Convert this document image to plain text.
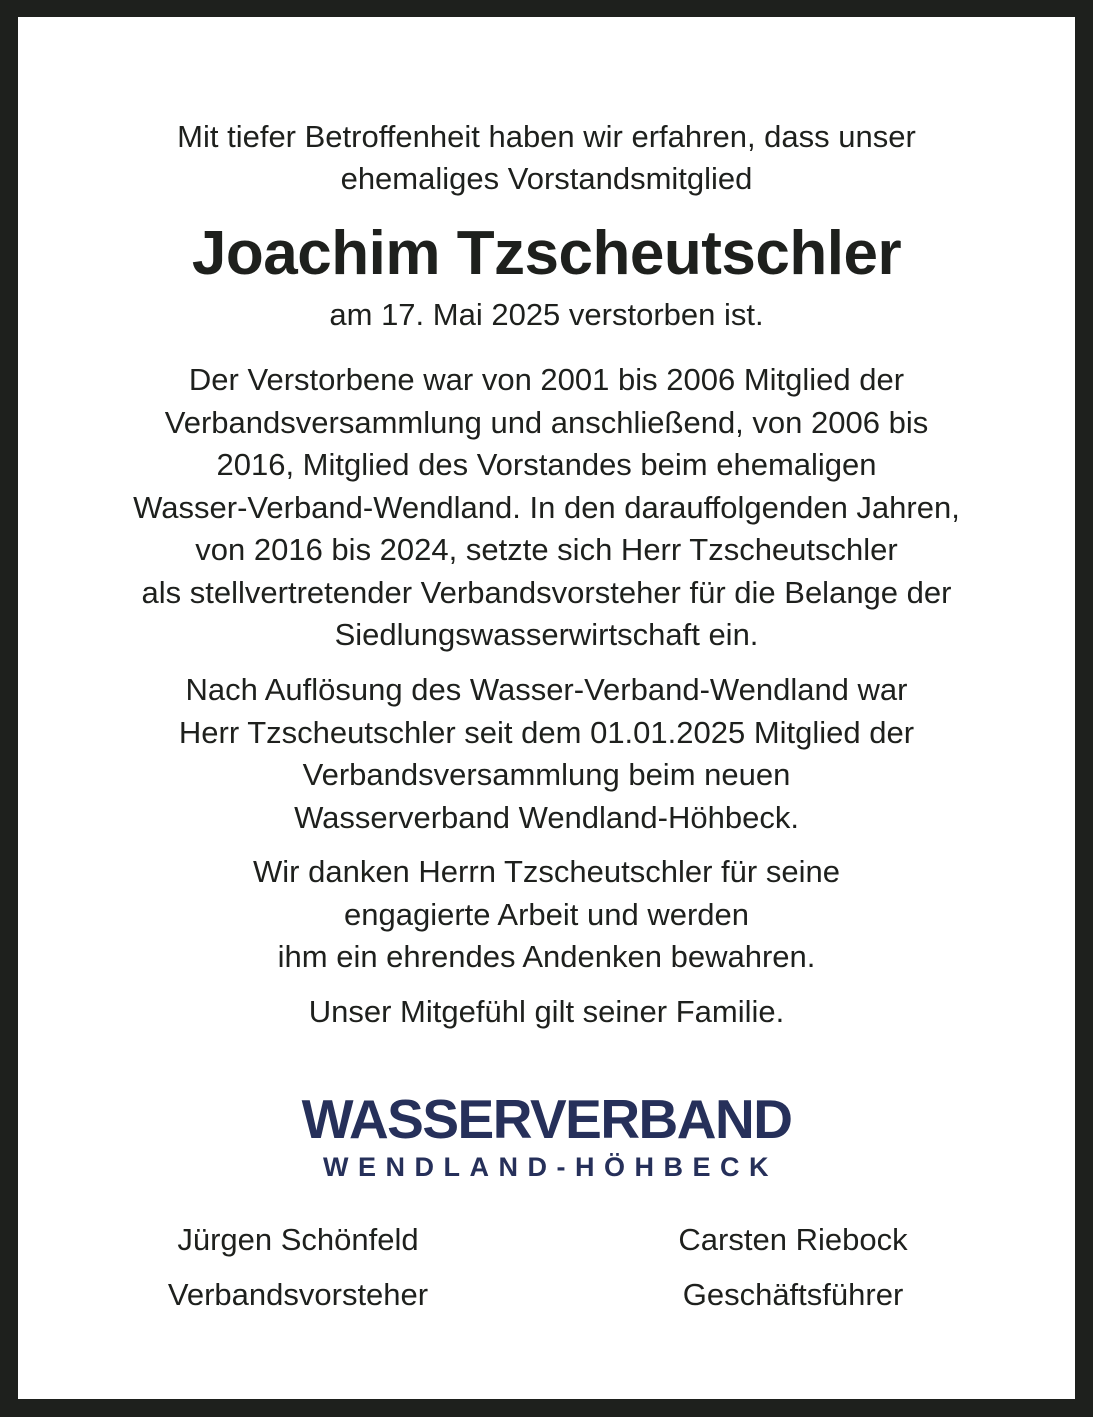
Mit tiefer Betroffenheit haben wir erfahren, dass unser
ehemaliges Vorstandsmitglied
Joachim Tzscheutschler
am 17. Mai 2025 verstorben ist.
Der Verstorbene war von 2001 bis 2006 Mitglied der
Verbandsversammlung und anschließend, von 2006 bis
2016, Mitglied des Vorstandes beim ehemaligen
Wasser-Verband-Wendland. In den darauffolgenden Jahren,
von 2016 bis 2024, setzte sich Herr Tzscheutschler
als stellvertretender Verbandsvorsteher für die Belange der
Siedlungswasserwirtschaft ein.
Nach Auflösung des Wasser-Verband-Wendland war
Herr Tzscheutschler seit dem 01.01.2025 Mitglied der
Verbandsversammlung beim neuen
Wasserverband Wendland-Höhbeck.
Wir danken Herrn Tzscheutschler für seine
engagierte Arbeit und werden
ihm ein ehrendes Andenken bewahren.
Unser Mitgefühl gilt seiner Familie.
WASSERVERBAND
WENDLAND-HÖHBECK
Jürgen Schönfeld
Verbandsvorsteher
Carsten Riebock
Geschäftsführer
